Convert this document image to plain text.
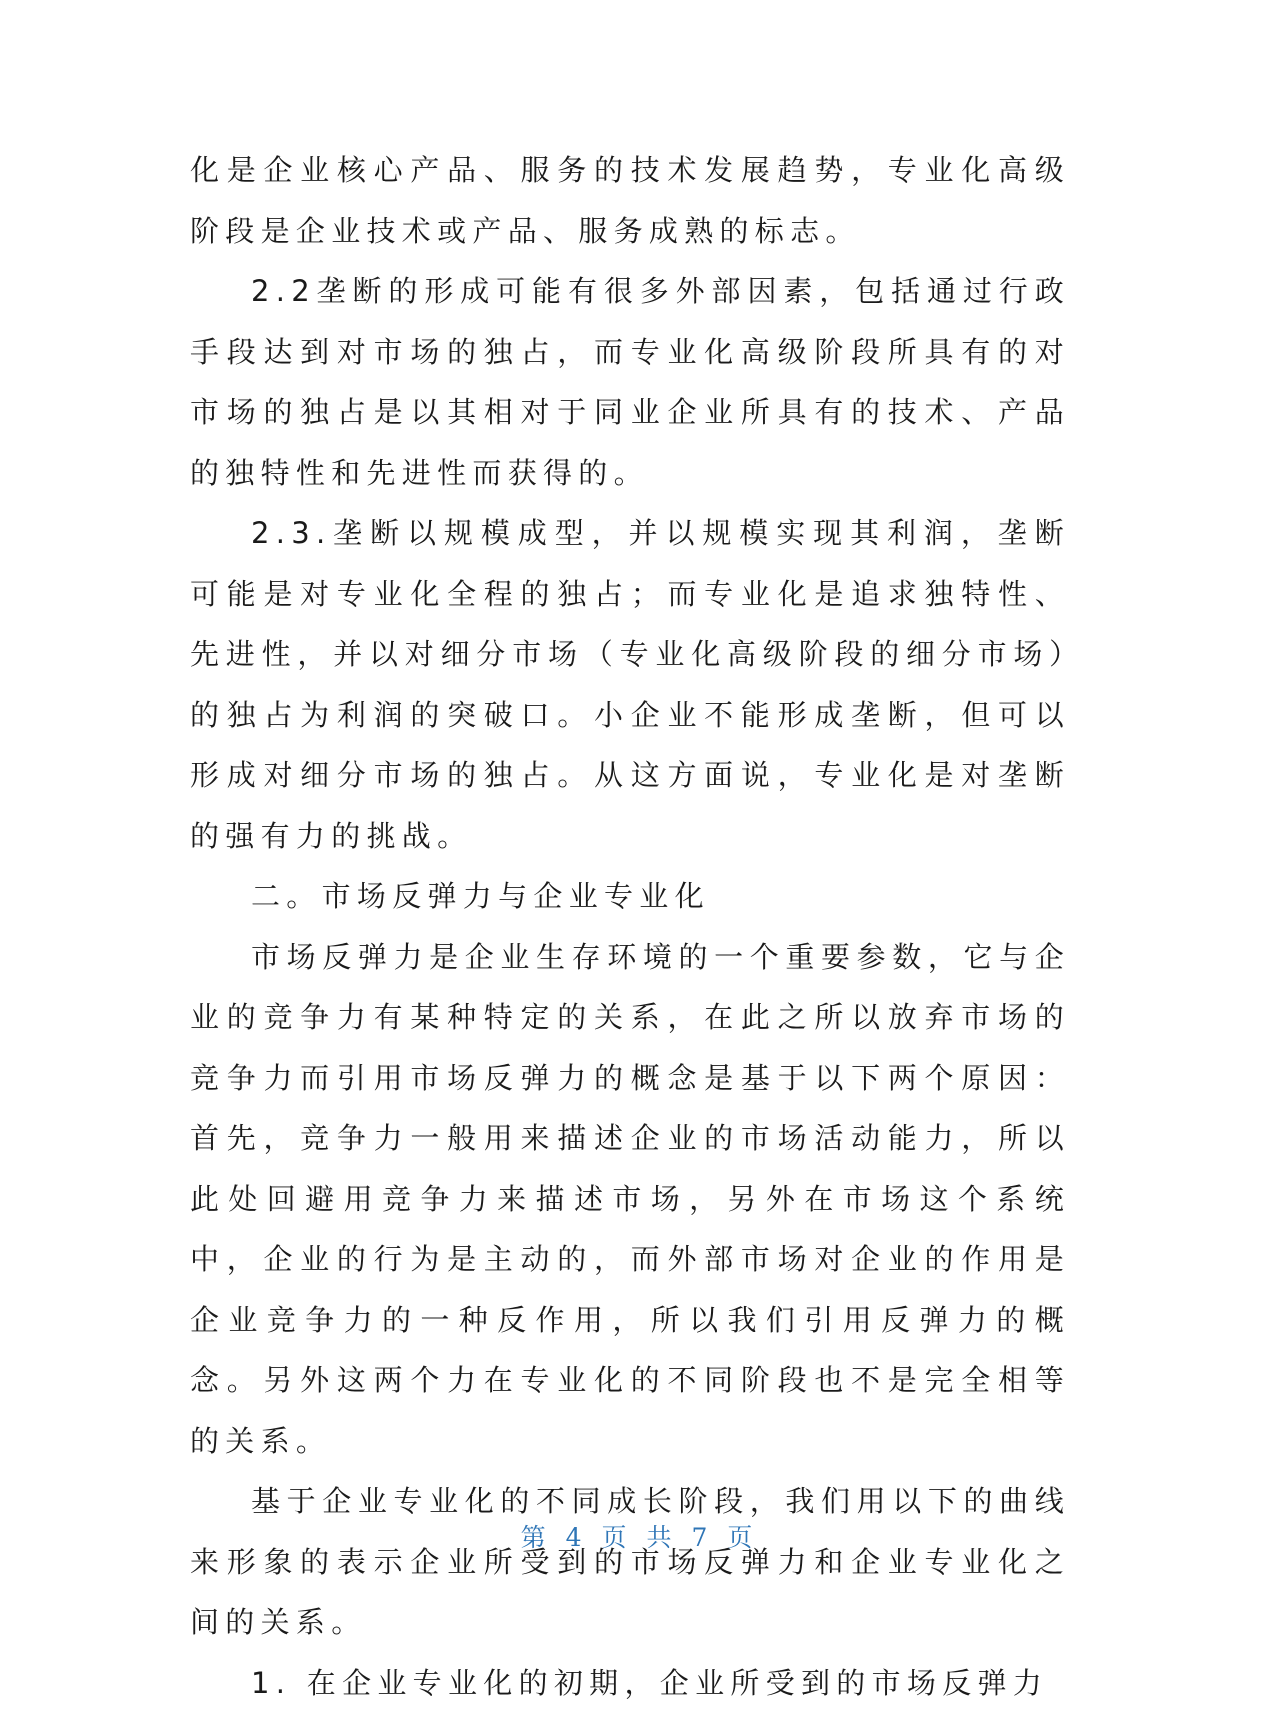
化是企业核心产品、服务的技术发展趋势，专业化高级阶段是企业技术或产品、服务成熟的标志。

2.2垄断的形成可能有很多外部因素，包括通过行政手段达到对市场的独占，而专业化高级阶段所具有的对市场的独占是以其相对于同业企业所具有的技术、产品的独特性和先进性而获得的。

2.3.垄断以规模成型，并以规模实现其利润，垄断可能是对专业化全程的独占；而专业化是追求独特性、先进性，并以对细分市场（专业化高级阶段的细分市场）的独占为利润的突破口。小企业不能形成垄断，但可以形成对细分市场的独占。从这方面说，专业化是对垄断的强有力的挑战。

二。市场反弹力与企业专业化

市场反弹力是企业生存环境的一个重要参数，它与企业的竞争力有某种特定的关系，在此之所以放弃市场的竞争力而引用市场反弹力的概念是基于以下两个原因：首先，竞争力一般用来描述企业的市场活动能力，所以此处回避用竞争力来描述市场，另外在市场这个系统中，企业的行为是主动的，而外部市场对企业的作用是企业竞争力的一种反作用，所以我们引用反弹力的概念。另外这两个力在专业化的不同阶段也不是完全相等的关系。

基于企业专业化的不同成长阶段，我们用以下的曲线来形象的表示企业所受到的市场反弹力和企业专业化之间的关系。

1. 在企业专业化的初期，企业所受到的市场反弹力

第 4 页 共 7 页
